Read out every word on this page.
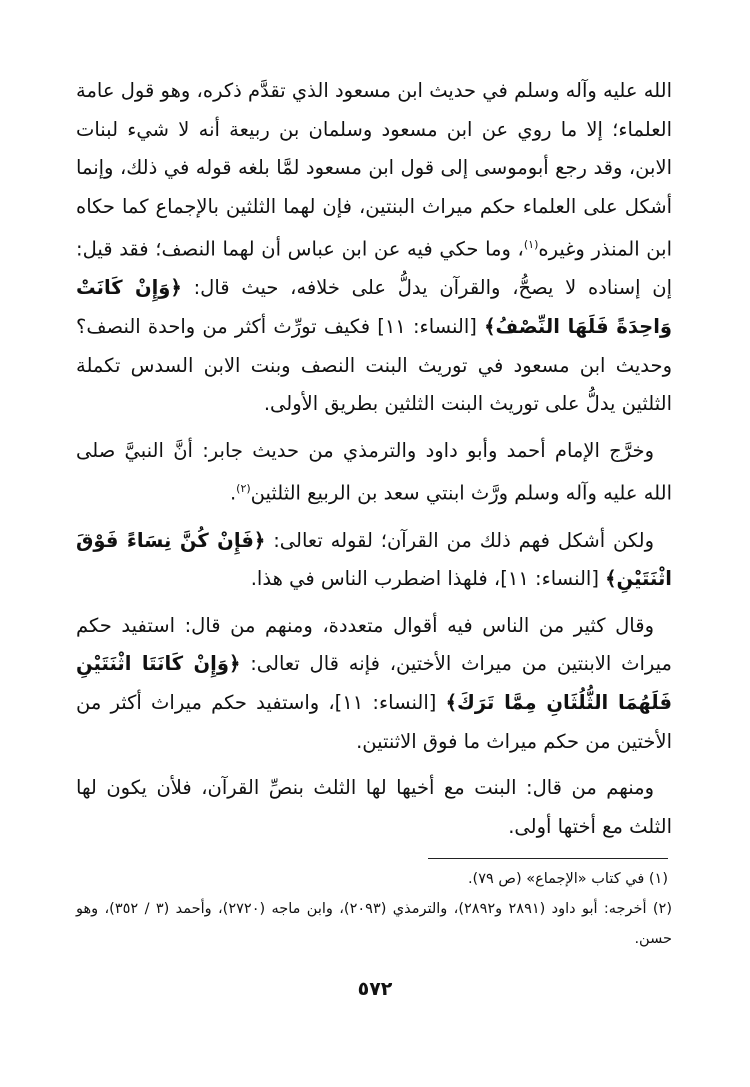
الله عليه وآله وسلم في حديث ابن مسعود الذي تقدَّم ذكره، وهو قول عامة العلماء؛ إلا ما روي عن ابن مسعود وسلمان بن ربيعة أنه لا شيء لبنات الابن، وقد رجع أبوموسى إلى قول ابن مسعود لمَّا بلغه قوله في ذلك، وإنما أشكل على العلماء حكم ميراث البنتين، فإن لهما الثلثين بالإجماع كما حكاه ابن المنذر وغيره$^{(١)}$، وما حكي فيه عن ابن عباس أن لهما النصف؛ فقد قيل: إن إسناده لا يصحُّ، والقرآن يدلُّ على خلافه، حيث قال: ﴿وَإِنْ كَانَتْ وَاحِدَةً فَلَهَا النِّصْفُ﴾ [النساء: ١١] فكيف تورِّث أكثر من واحدة النصف؟ وحديث ابن مسعود في توريث البنت النصف وبنت الابن السدس تكملة الثلثين يدلُّ على توريث البنت الثلثين بطريق الأولى.

وخرَّج الإمام أحمد وأبو داود والترمذي من حديث جابر: أنَّ النبيَّ صلى الله عليه وآله وسلم ورَّث ابنتي سعد بن الربيع الثلثين$^{(٢)}$.

ولكن أشكل فهم ذلك من القرآن؛ لقوله تعالى: ﴿فَإِنْ كُنَّ نِسَاءً فَوْقَ اثْنَتَيْنِ﴾ [النساء: ١١]، فلهذا اضطرب الناس في هذا.

وقال كثير من الناس فيه أقوال متعددة، ومنهم من قال: استفيد حكم ميراث الابنتين من ميراث الأختين، فإنه قال تعالى: ﴿وَإِنْ كَانَتَا اثْنَتَيْنِ فَلَهُمَا الثُّلُثَانِ مِمَّا تَرَكَ﴾ [النساء: ١١]، واستفيد حكم ميراث أكثر من الأختين من حكم ميراث ما فوق الاثنتين.

ومنهم من قال: البنت مع أخيها لها الثلث بنصِّ القرآن، فلأن يكون لها الثلث مع أختها أولى.

(١) في كتاب «الإجماع» (ص ٧٩).

(٢) أخرجه: أبو داود (٢٨٩١ و٢٨٩٢)، والترمذي (٢٠٩٣)، وابن ماجه (٢٧٢٠)، وأحمد (٣ / ٣٥٢)، وهو حسن.

٥٧٢
